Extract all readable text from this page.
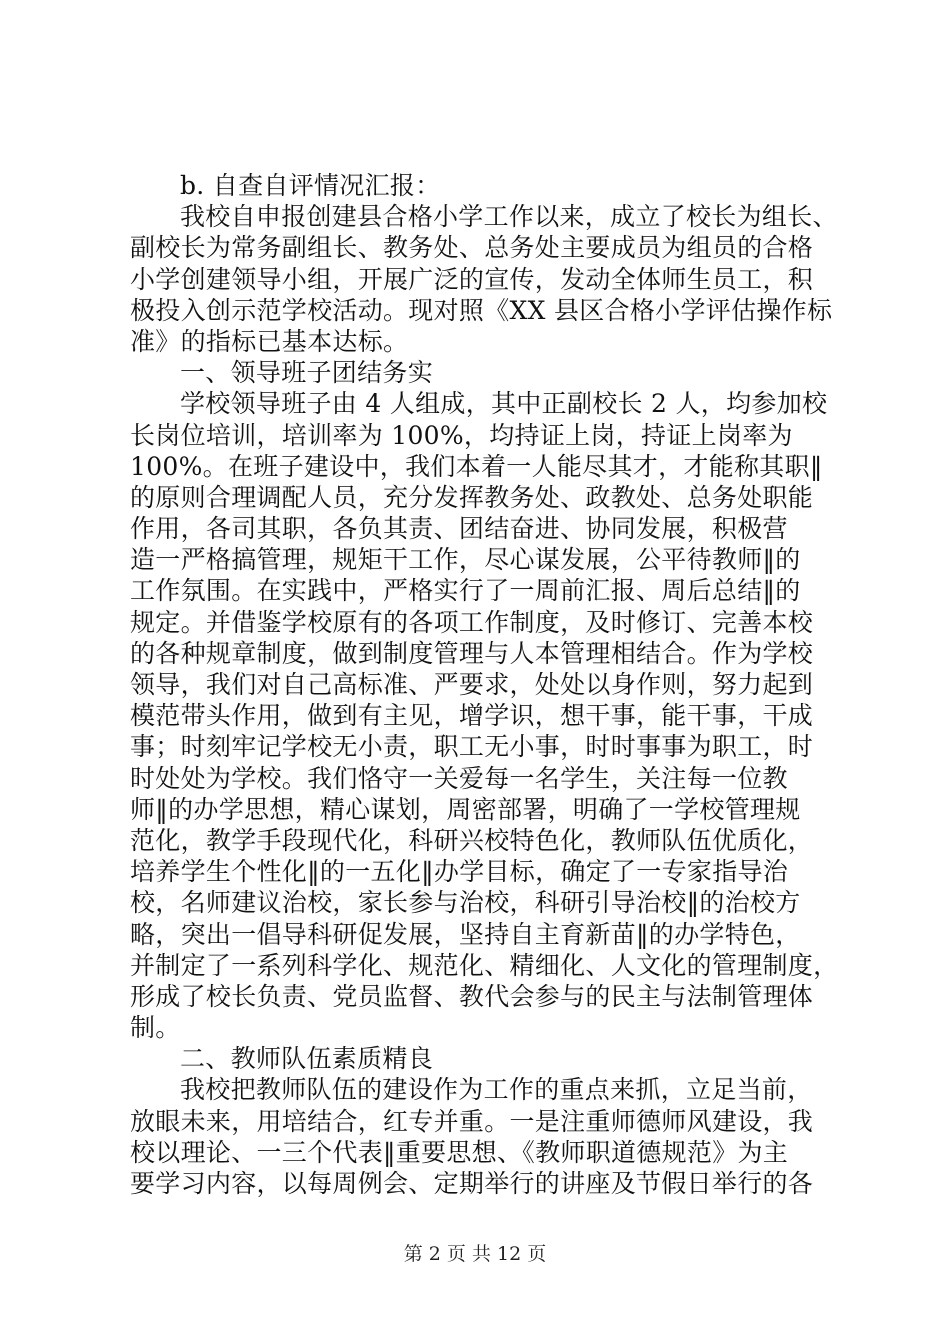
b. 自查自评情况汇报：
我校自申报创建县合格小学工作以来，成立了校长为组长、
副校长为常务副组长、教务处、总务处主要成员为组员的合格
小学创建领导小组，开展广泛的宣传，发动全体师生员工，积
极投入创示范学校活动。现对照《XX 县区合格小学评估操作标
准》的指标已基本达标。
一、领导班子团结务实
学校领导班子由 4 人组成，其中正副校长 2 人，均参加校
长岗位培训，培训率为 100%，均持证上岗，持证上岗率为
100%。在班子建设中，我们本着一人能尽其才，才能称其职‖
的原则合理调配人员，充分发挥教务处、政教处、总务处职能
作用，各司其职，各负其责、团结奋进、协同发展，积极营
造一严格搞管理，规矩干工作，尽心谋发展，公平待教师‖的
工作氛围。在实践中，严格实行了一周前汇报、周后总结‖的
规定。并借鉴学校原有的各项工作制度，及时修订、完善本校
的各种规章制度，做到制度管理与人本管理相结合。作为学校
领导，我们对自己高标准、严要求，处处以身作则，努力起到
模范带头作用，做到有主见，增学识，想干事，能干事，干成
事；时刻牢记学校无小责，职工无小事，时时事事为职工，时
时处处为学校。我们恪守一关爱每一名学生，关注每一位教
师‖的办学思想，精心谋划，周密部署，明确了一学校管理规
范化，教学手段现代化，科研兴校特色化，教师队伍优质化，
培养学生个性化‖的一五化‖办学目标，确定了一专家指导治
校，名师建议治校，家长参与治校，科研引导治校‖的治校方
略，突出一倡导科研促发展，坚持自主育新苗‖的办学特色，
并制定了一系列科学化、规范化、精细化、人文化的管理制度，
形成了校长负责、党员监督、教代会参与的民主与法制管理体
制。
二、教师队伍素质精良
我校把教师队伍的建设作为工作的重点来抓，立足当前，
放眼未来，用培结合，红专并重。一是注重师德师风建设，我
校以理论、一三个代表‖重要思想、《教师职道德规范》为主
要学习内容，以每周例会、定期举行的讲座及节假日举行的各
第 2 页 共 12 页
